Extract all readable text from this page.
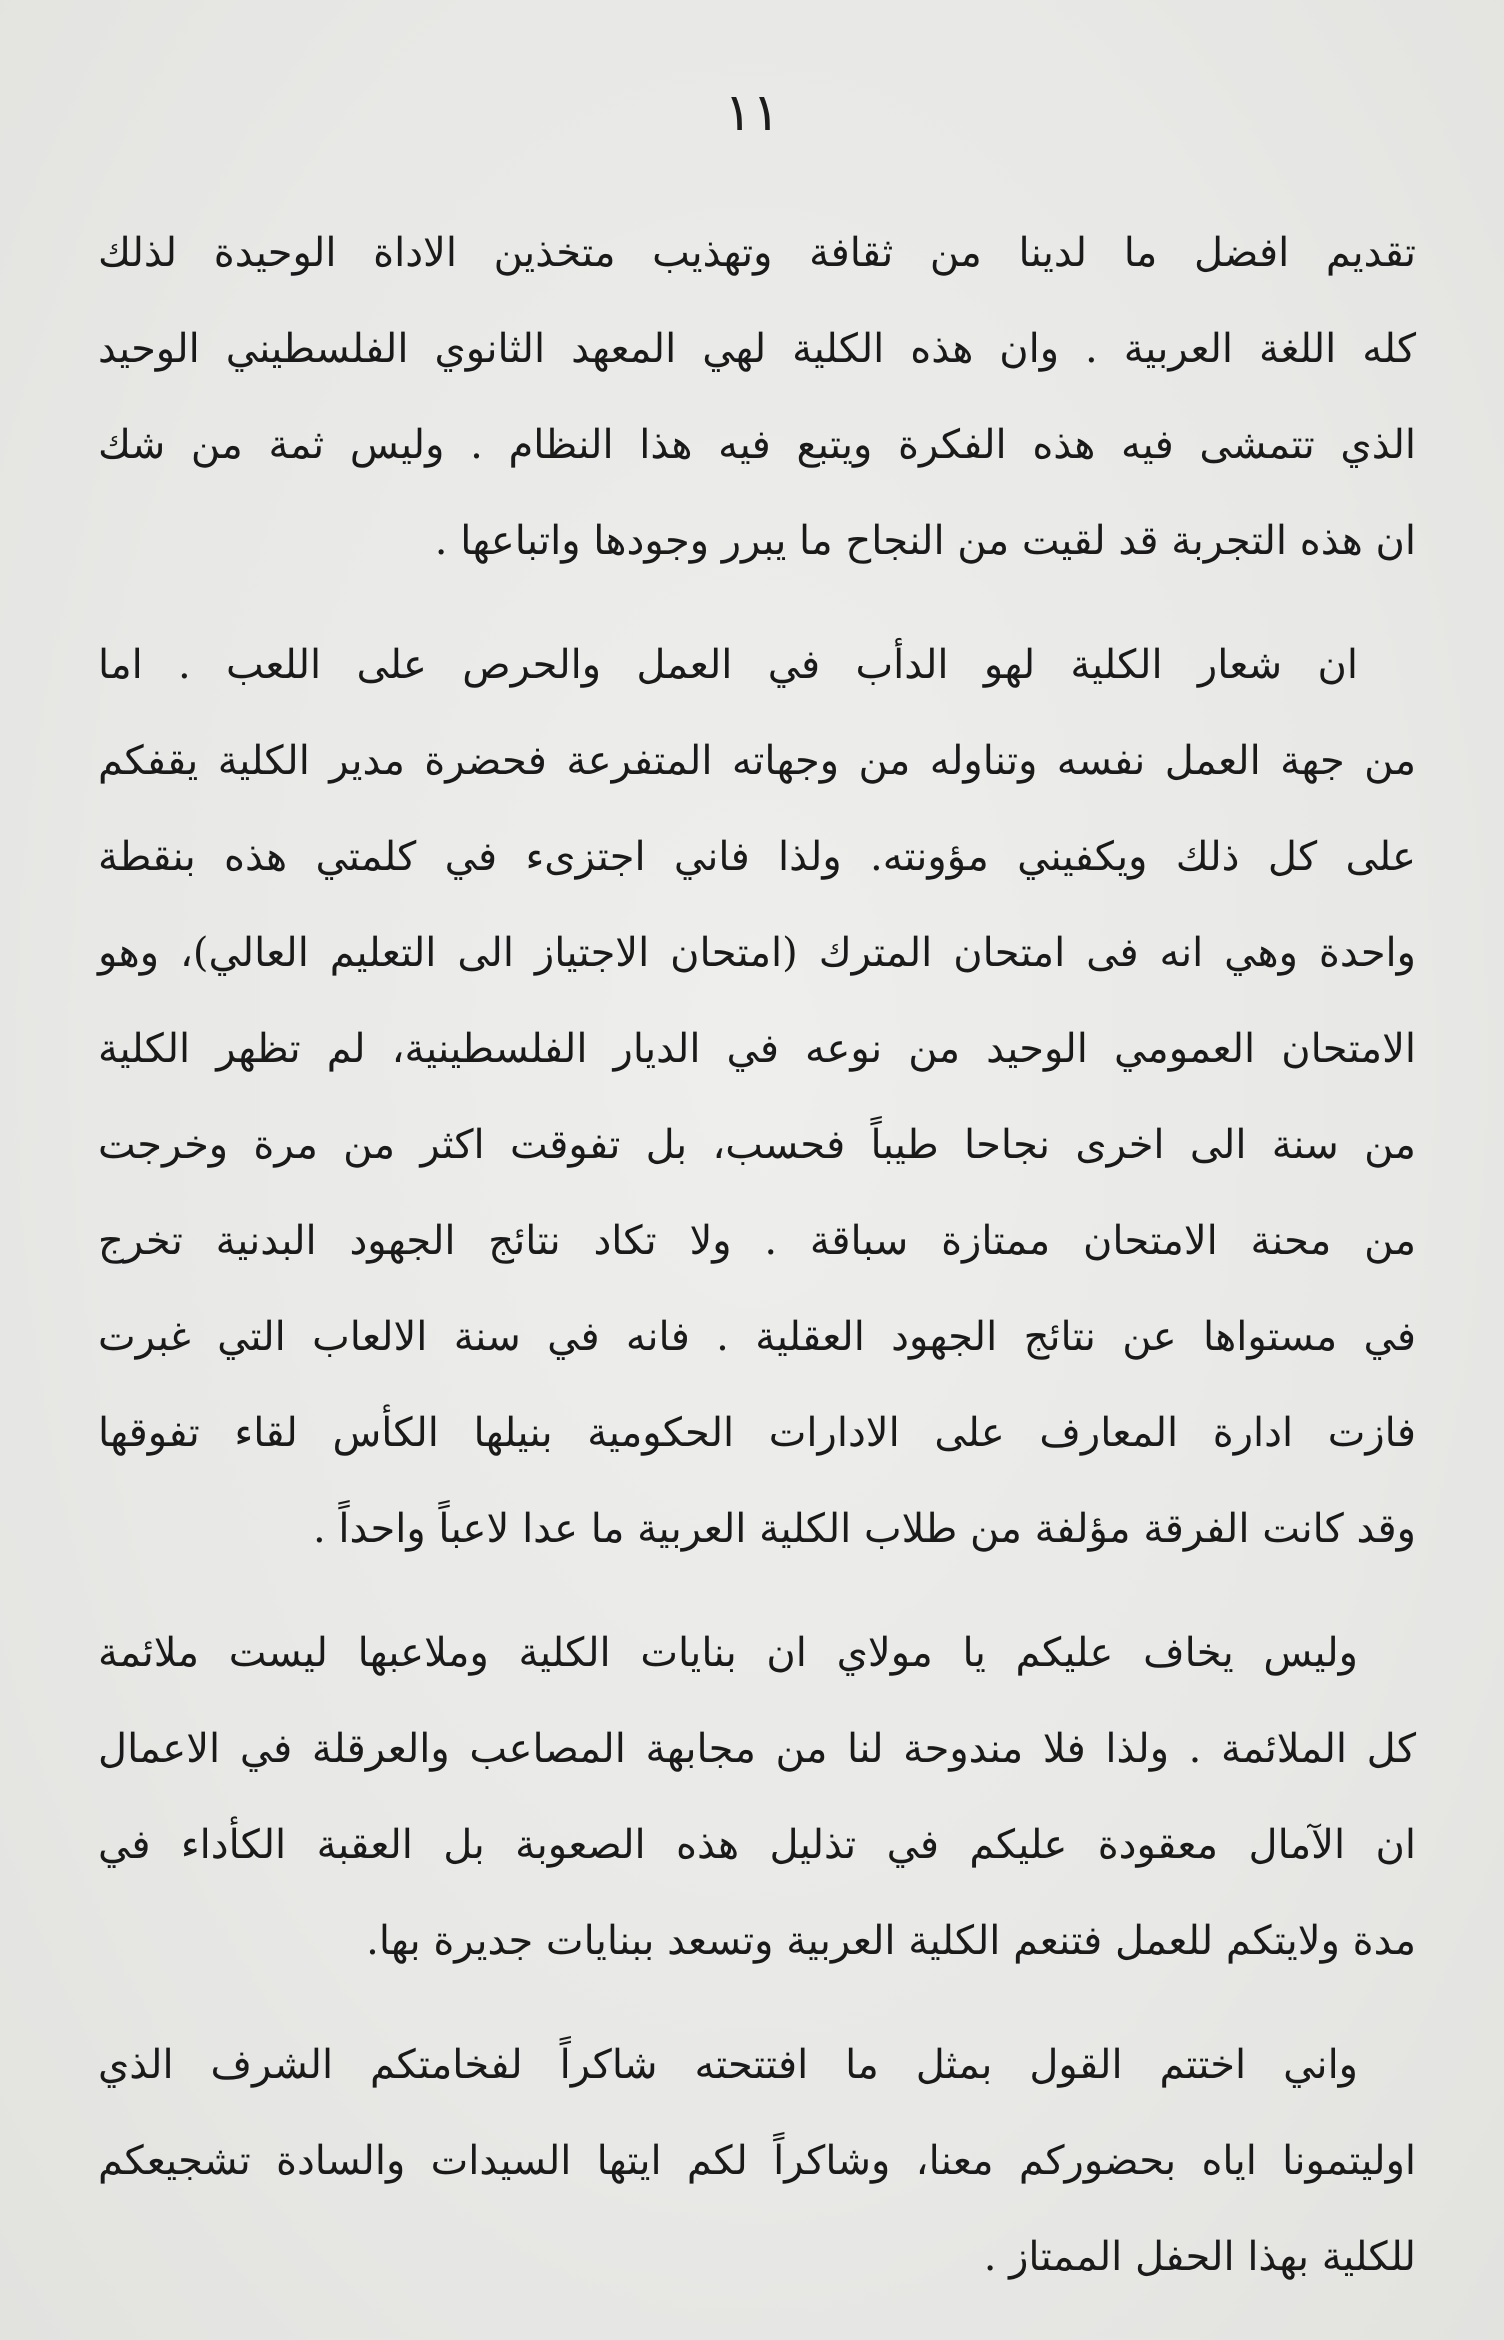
١١
تقديم افضل ما لدينا من ثقافة وتهذيب متخذين الاداة الوحيدة لذلك
كله اللغة العربية . وان هذه الكلية لهي المعهد الثانوي الفلسطيني الوحيد
الذي تتمشى فيه هذه الفكرة ويتبع فيه هذا النظام . وليس ثمة من شك
ان هذه التجربة قد لقيت من النجاح ما يبرر وجودها واتباعها .
ان شعار الكلية لهو الدأب في العمل والحرص على اللعب . اما
من جهة العمل نفسه وتناوله من وجهاته المتفرعة فحضرة مدير الكلية يقفكم
على كل ذلك ويكفيني مؤونته. ولذا فاني اجتزىء في كلمتي هذه بنقطة
واحدة وهي انه فى امتحان المترك (امتحان الاجتياز الى التعليم العالي)، وهو
الامتحان العمومي الوحيد من نوعه في الديار الفلسطينية، لم تظهر الكلية
من سنة الى اخرى نجاحا طيباً فحسب، بل تفوقت اكثر من مرة وخرجت
من محنة الامتحان ممتازة سباقة . ولا تكاد نتائج الجهود البدنية تخرج
في مستواها عن نتائج الجهود العقلية . فانه في سنة الالعاب التي غبرت
فازت ادارة المعارف على الادارات الحكومية بنيلها الكأس لقاء تفوقها
وقد كانت الفرقة مؤلفة من طلاب الكلية العربية ما عدا لاعباً واحداً .
وليس يخاف عليكم يا مولاي ان بنايات الكلية وملاعبها ليست ملائمة
كل الملائمة . ولذا فلا مندوحة لنا من مجابهة المصاعب والعرقلة في الاعمال
ان الآمال معقودة عليكم في تذليل هذه الصعوبة بل العقبة الكأداء في
مدة ولايتكم للعمل فتنعم الكلية العربية وتسعد ببنايات جديرة بها.
واني اختتم القول بمثل ما افتتحته شاكراً لفخامتكم الشرف الذي
اوليتمونا اياه بحضوركم معنا، وشاكراً لكم ايتها السيدات والسادة تشجيعكم
للكلية بهذا الحفل الممتاز .
